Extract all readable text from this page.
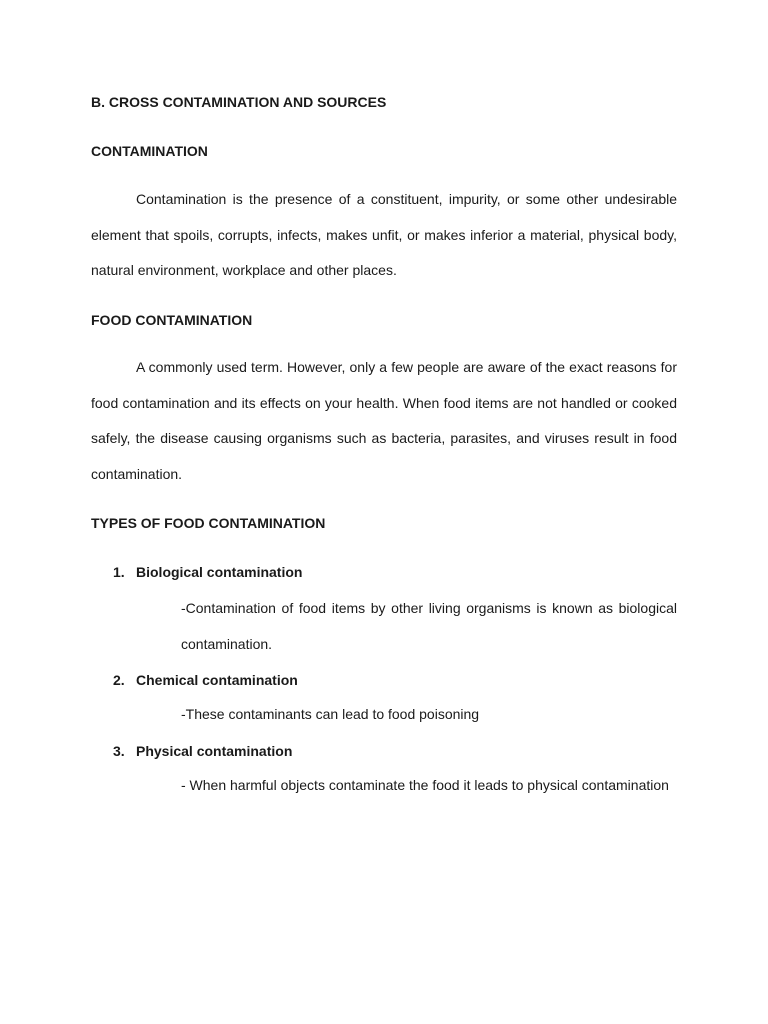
B. CROSS CONTAMINATION AND SOURCES
CONTAMINATION

Contamination is the presence of a constituent, impurity, or some other undesirable element that spoils, corrupts, infects, makes unfit, or makes inferior a material, physical body, natural environment, workplace and other places.

FOOD CONTAMINATION

A commonly used term. However, only a few people are aware of the exact reasons for food contamination and its effects on your health. When food items are not handled or cooked safely, the disease causing organisms such as bacteria, parasites, and viruses result in food contamination.

TYPES OF FOOD CONTAMINATION
1. Biological contamination

-Contamination of food items by other living organisms is known as biological contamination.

2. Chemical contamination

-These contaminants can lead to food poisoning

3. Physical contamination

- When harmful objects contaminate the food it leads to physical contamination
